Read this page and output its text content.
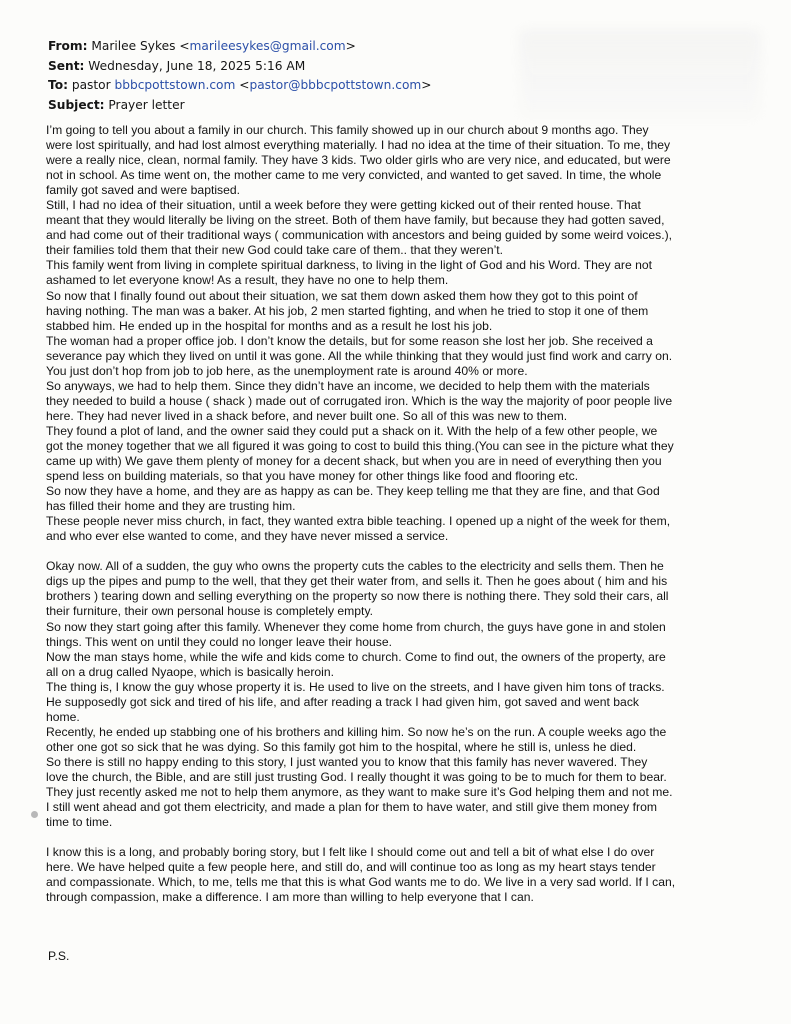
From: Marilee Sykes <marileesykes@gmail.com>
Sent: Wednesday, June 18, 2025 5:16 AM
To: pastor bbbcpottstown.com <pastor@bbbcpottstown.com>
Subject: Prayer letter
I’m going to tell you about a family in our church. This family showed up in our church about 9 months ago. They
were lost spiritually, and had lost almost everything materially. I had no idea at the time of their situation. To me, they
were a really nice, clean, normal family. They have 3 kids. Two older girls who are very nice, and educated, but were
not in school. As time went on, the mother came to me very convicted, and wanted to get saved. In time, the whole
family got saved and were baptised.
Still, I had no idea of their situation, until a week before they were getting kicked out of their rented house. That
meant that they would literally be living on the street. Both of them have family, but because they had gotten saved,
and had come out of their traditional ways ( communication with ancestors and being guided by some weird voices.),
their families told them that their new God could take care of them.. that they weren’t.
This family went from living in complete spiritual darkness, to living in the light of God and his Word. They are not
ashamed to let everyone know! As a result, they have no one to help them.
So now that I finally found out about their situation, we sat them down asked them how they got to this point of
having nothing. The man was a baker. At his job, 2 men started fighting, and when he tried to stop it one of them
stabbed him. He ended up in the hospital for months and as a result he lost his job.
The woman had a proper office job. I don’t know the details, but for some reason she lost her job. She received a
severance pay which they lived on until it was gone. All the while thinking that they would just find work and carry on.
You just don’t hop from job to job here, as the unemployment rate is around 40% or more.
So anyways, we had to help them. Since they didn’t have an income, we decided to help them with the materials
they needed to build a house ( shack ) made out of corrugated iron. Which is the way the majority of poor people live
here. They had never lived in a shack before, and never built one. So all of this was new to them.
They found a plot of land, and the owner said they could put a shack on it. With the help of a few other people, we
got the money together that we all figured it was going to cost to build this thing.(You can see in the picture what they
came up with) We gave them plenty of money for a decent shack, but when you are in need of everything then you
spend less on building materials, so that you have money for other things like food and flooring etc.
So now they have a home, and they are as happy as can be. They keep telling me that they are fine, and that God
has filled their home and they are trusting him.
These people never miss church, in fact, they wanted extra bible teaching. I opened up a night of the week for them,
and who ever else wanted to come, and they have never missed a service.
Okay now. All of a sudden, the guy who owns the property cuts the cables to the electricity and sells them. Then he
digs up the pipes and pump to the well, that they get their water from, and sells it. Then he goes about ( him and his
brothers ) tearing down and selling everything on the property so now there is nothing there. They sold their cars, all
their furniture, their own personal house is completely empty.
So now they start going after this family. Whenever they come home from church, the guys have gone in and stolen
things. This went on until they could no longer leave their house.
Now the man stays home, while the wife and kids come to church. Come to find out, the owners of the property, are
all on a drug called Nyaope, which is basically heroin.
The thing is, I know the guy whose property it is. He used to live on the streets, and I have given him tons of tracks.
He supposedly got sick and tired of his life, and after reading a track I had given him, got saved and went back
home.
Recently, he ended up stabbing one of his brothers and killing him. So now he’s on the run. A couple weeks ago the
other one got so sick that he was dying. So this family got him to the hospital, where he still is, unless he died.
So there is still no happy ending to this story, I just wanted you to know that this family has never wavered. They
love the church, the Bible, and are still just trusting God. I really thought it was going to be to much for them to bear.
They just recently asked me not to help them anymore, as they want to make sure it’s God helping them and not me.
I still went ahead and got them electricity, and made a plan for them to have water, and still give them money from
time to time.
I know this is a long, and probably boring story, but I felt like I should come out and tell a bit of what else I do over
here. We have helped quite a few people here, and still do, and will continue too as long as my heart stays tender
and compassionate. Which, to me, tells me that this is what God wants me to do. We live in a very sad world. If I can,
through compassion, make a difference. I am more than willing to help everyone that I can.
P.S.
